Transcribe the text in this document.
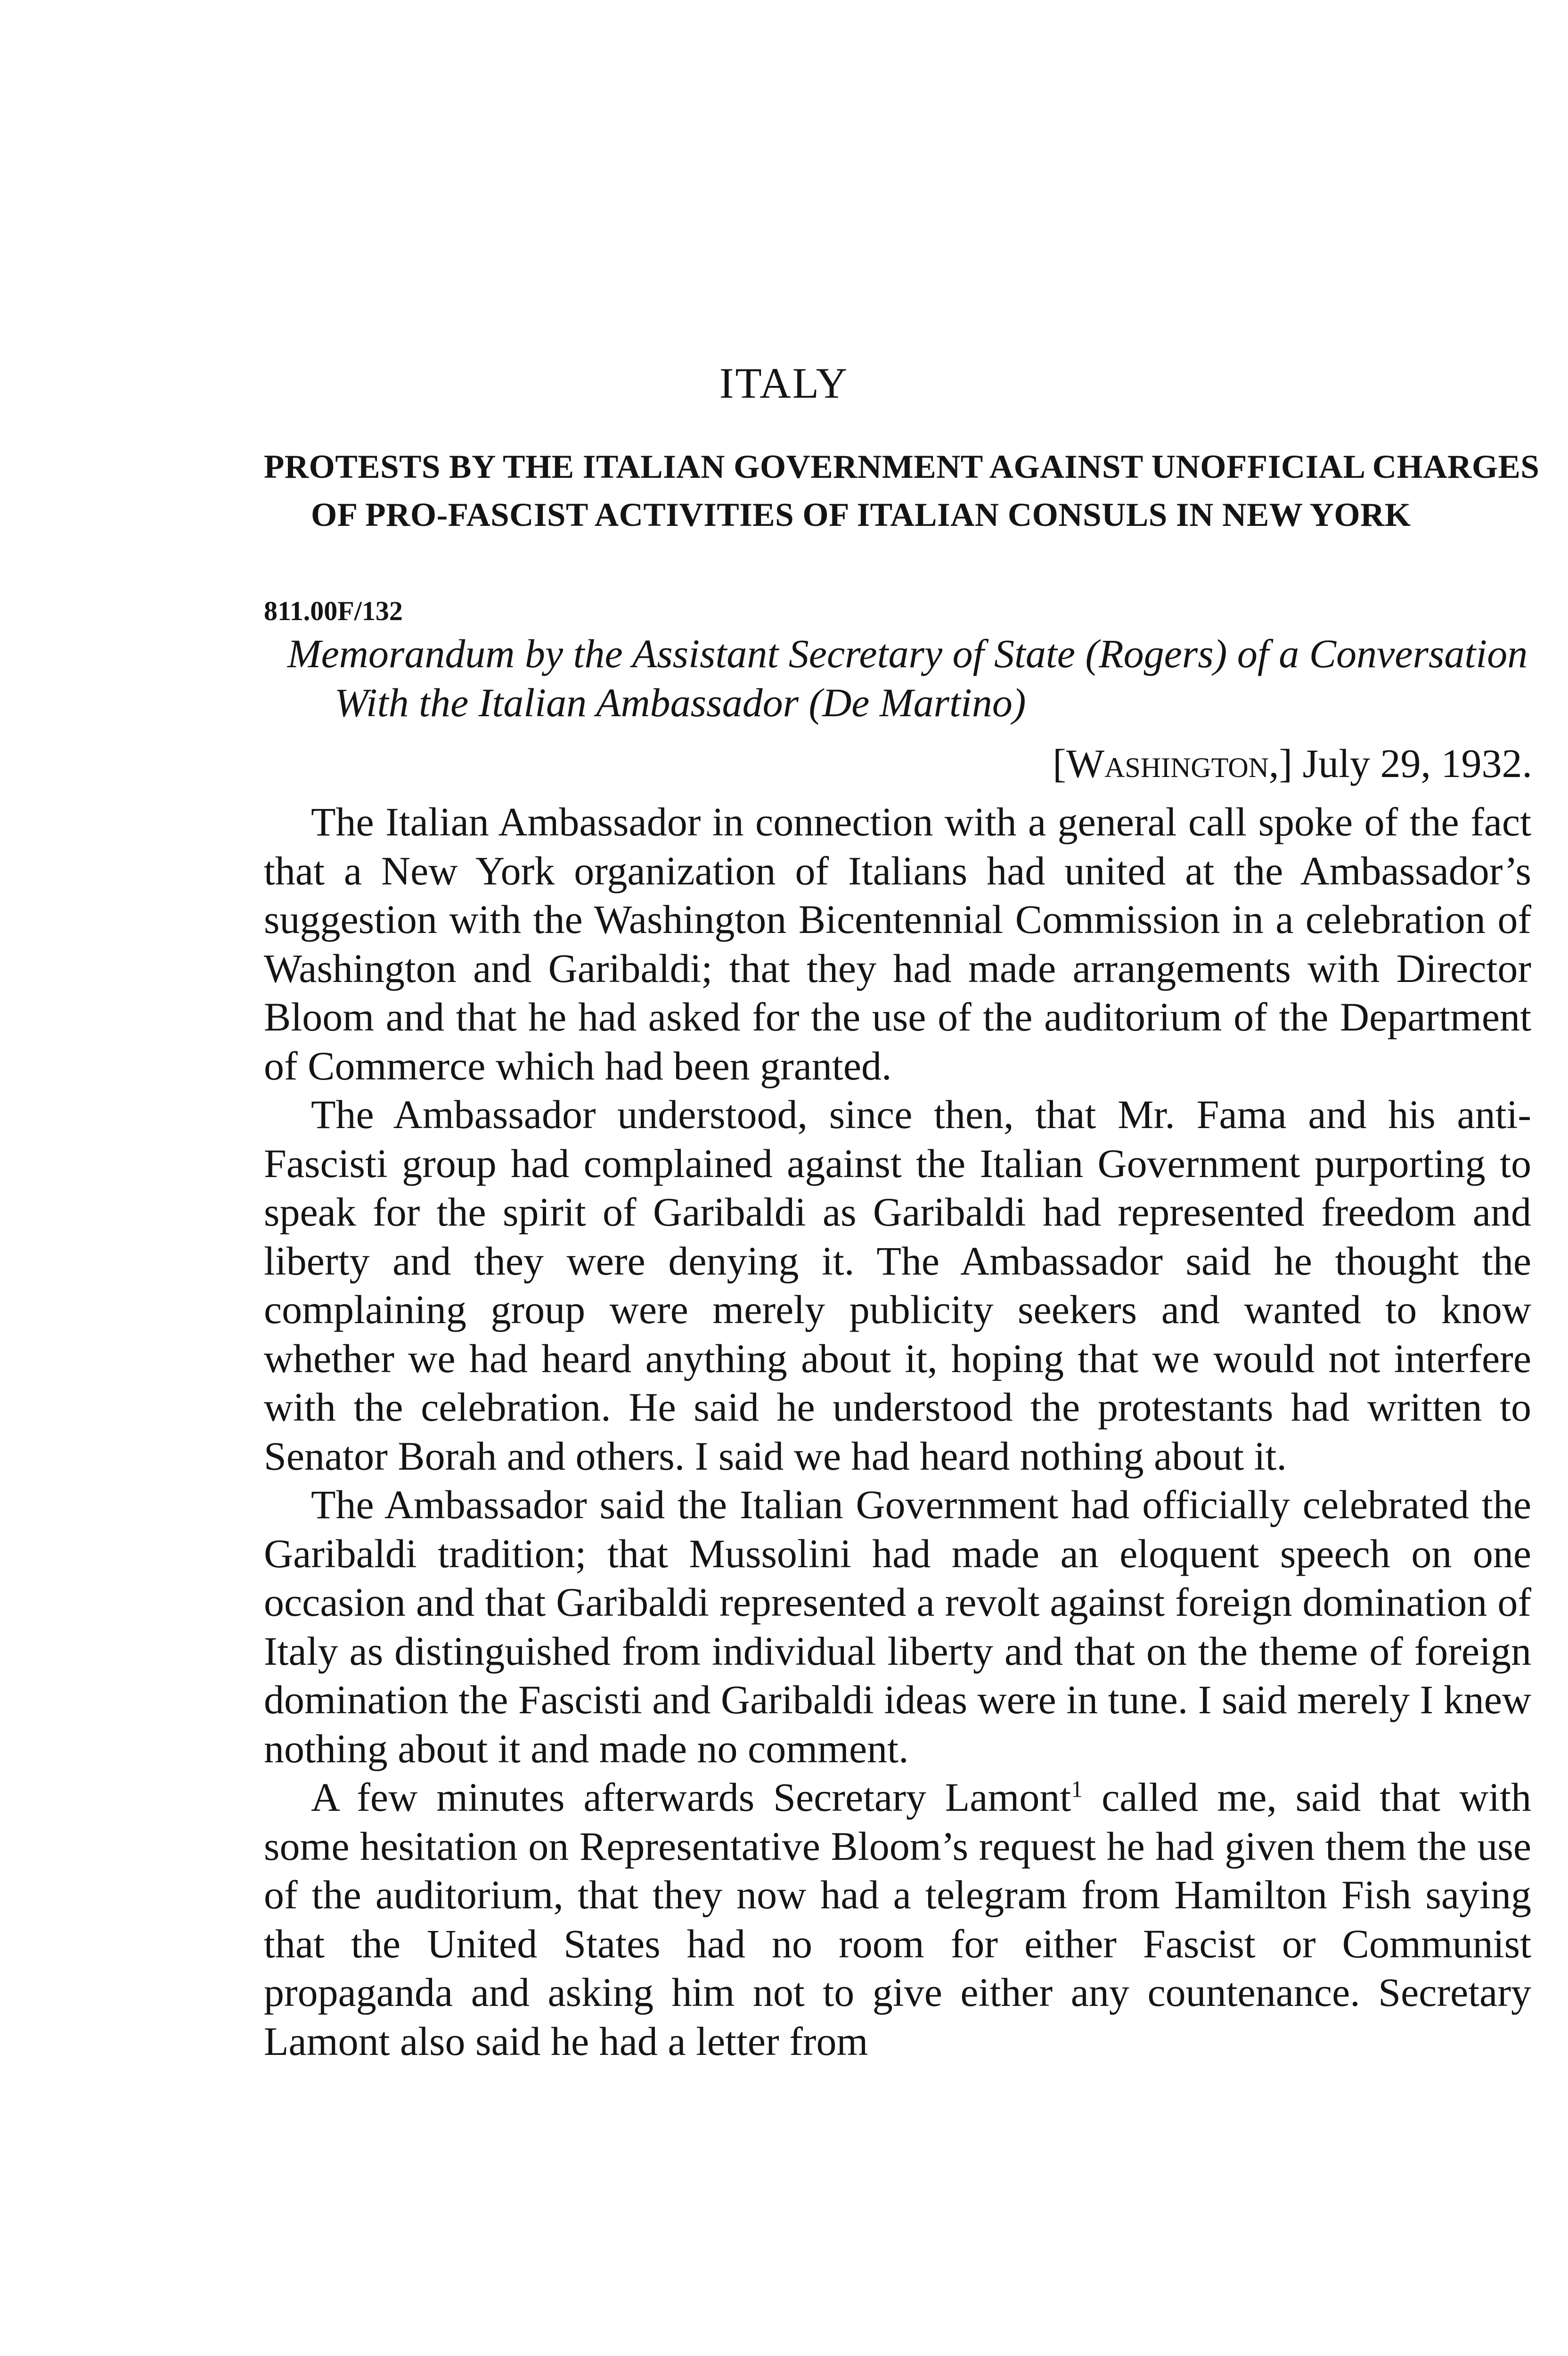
ITALY
PROTESTS BY THE ITALIAN GOVERNMENT AGAINST UNOFFICIAL CHARGES OF PRO-FASCIST ACTIVITIES OF ITALIAN CONSULS IN NEW YORK

811.00F/132

Memorandum by the Assistant Secretary of State (Rogers) of a Conversation With the Italian Ambassador (De Martino)

[Washington,] July 29, 1932.

The Italian Ambassador in connection with a general call spoke of the fact that a New York organization of Italians had united at the Ambassador’s suggestion with the Washington Bicentennial Commission in a celebration of Washington and Garibaldi; that they had made arrangements with Director Bloom and that he had asked for the use of the auditorium of the Department of Commerce which had been granted.

The Ambassador understood, since then, that Mr. Fama and his anti-Fascisti group had complained against the Italian Government purporting to speak for the spirit of Garibaldi as Garibaldi had represented freedom and liberty and they were denying it. The Ambassador said he thought the complaining group were merely publicity seekers and wanted to know whether we had heard anything about it, hoping that we would not interfere with the celebration. He said he understood the protestants had written to Senator Borah and others. I said we had heard nothing about it.

The Ambassador said the Italian Government had officially celebrated the Garibaldi tradition; that Mussolini had made an eloquent speech on one occasion and that Garibaldi represented a revolt against foreign domination of Italy as distinguished from individual liberty and that on the theme of foreign domination the Fascisti and Garibaldi ideas were in tune. I said merely I knew nothing about it and made no comment.

A few minutes afterwards Secretary Lamont$^1$ called me, said that with some hesitation on Representative Bloom’s request he had given them the use of the auditorium, that they now had a telegram from Hamilton Fish saying that the United States had no room for either Fascist or Communist propaganda and asking him not to give either any countenance. Secretary Lamont also said he had a letter from
